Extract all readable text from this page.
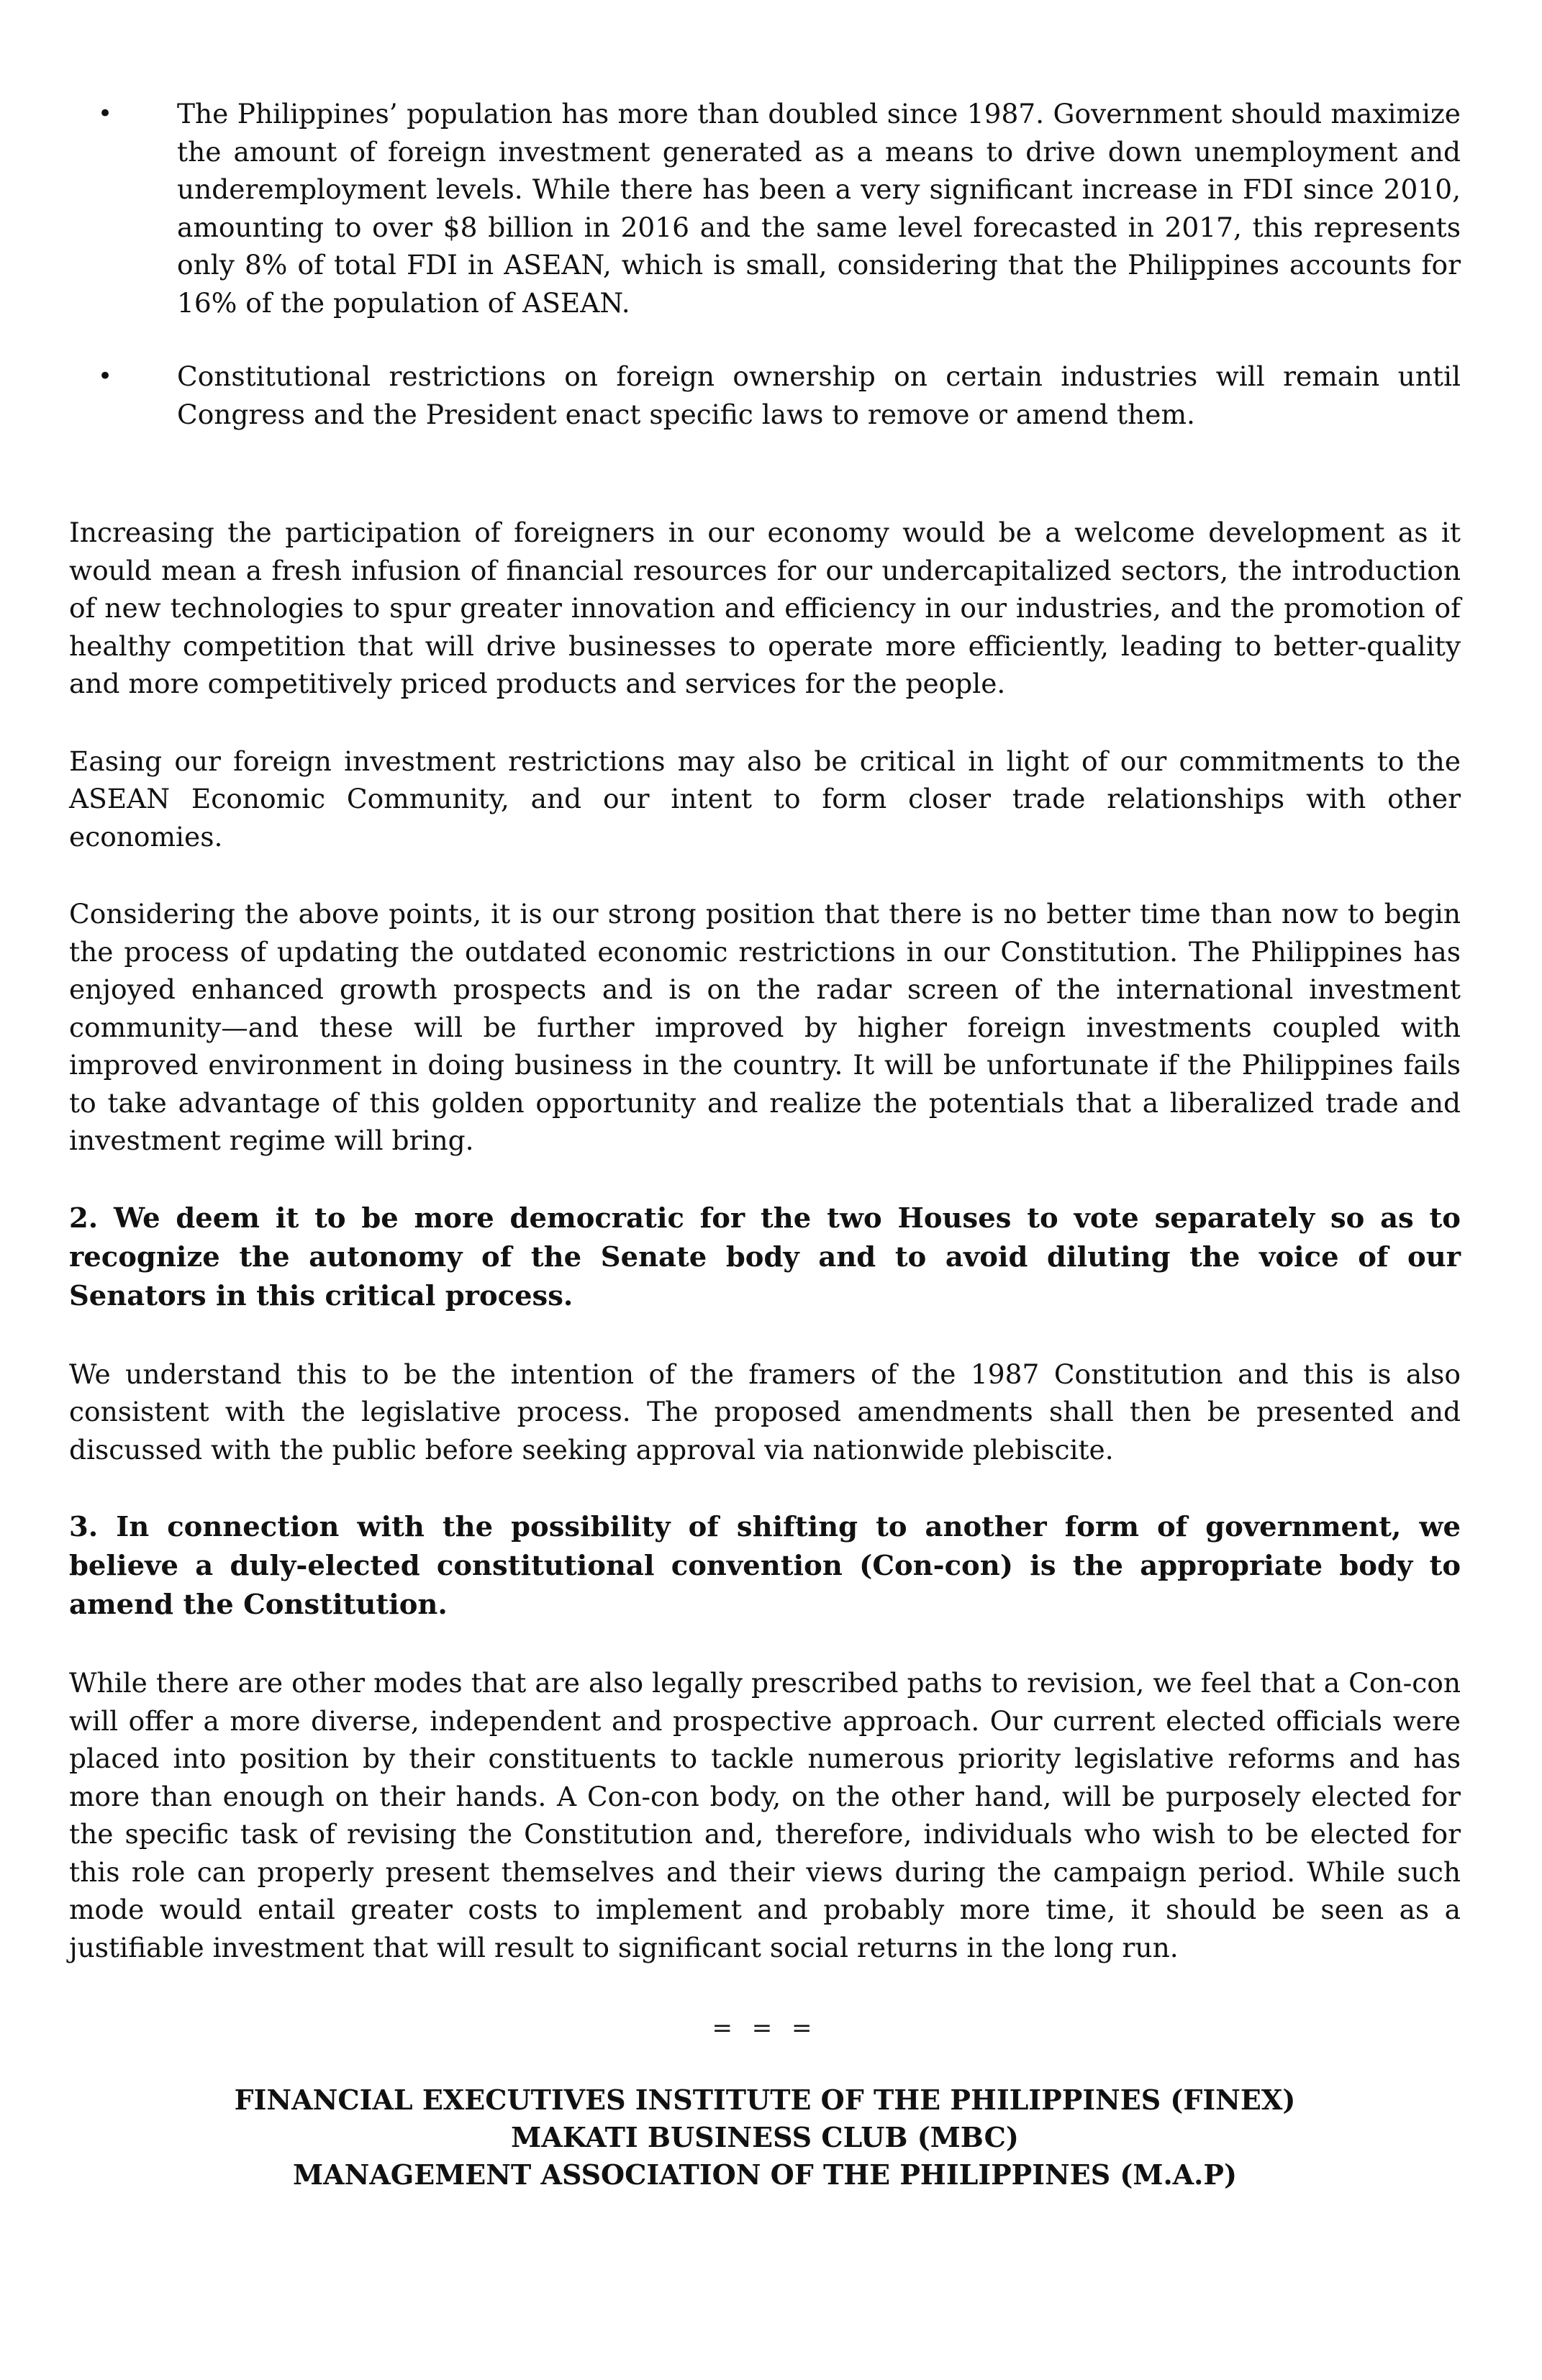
• The Philippines’ population has more than doubled since 1987. Government should maximize the amount of foreign investment generated as a means to drive down unemployment and underemployment levels. While there has been a very significant increase in FDI since 2010, amounting to over $8 billion in 2016 and the same level forecasted in 2017, this represents only 8% of total FDI in ASEAN, which is small, considering that the Philippines accounts for 16% of the population of ASEAN.
• Constitutional restrictions on foreign ownership on certain industries will remain until Congress and the President enact specific laws to remove or amend them.

Increasing the participation of foreigners in our economy would be a welcome development as it would mean a fresh infusion of financial resources for our undercapitalized sectors, the introduction of new technologies to spur greater innovation and efficiency in our industries, and the promotion of healthy competition that will drive businesses to operate more efficiently, leading to better-quality and more competitively priced products and services for the people.

Easing our foreign investment restrictions may also be critical in light of our commitments to the ASEAN Economic Community, and our intent to form closer trade relationships with other economies.

Considering the above points, it is our strong position that there is no better time than now to begin the process of updating the outdated economic restrictions in our Constitution. The Philippines has enjoyed enhanced growth prospects and is on the radar screen of the international investment community—and these will be further improved by higher foreign investments coupled with improved environment in doing business in the country. It will be unfortunate if the Philippines fails to take advantage of this golden opportunity and realize the potentials that a liberalized trade and investment regime will bring.

2. We deem it to be more democratic for the two Houses to vote separately so as to recognize the autonomy of the Senate body and to avoid diluting the voice of our Senators in this critical process.

We understand this to be the intention of the framers of the 1987 Constitution and this is also consistent with the legislative process. The proposed amendments shall then be presented and discussed with the public before seeking approval via nationwide plebiscite.

3. In connection with the possibility of shifting to another form of government, we believe a duly-elected constitutional convention (Con-con) is the appropriate body to amend the Constitution.

While there are other modes that are also legally prescribed paths to revision, we feel that a Con-con will offer a more diverse, independent and prospective approach. Our current elected officials were placed into position by their constituents to tackle numerous priority legislative reforms and has more than enough on their hands. A Con-con body, on the other hand, will be purposely elected for the specific task of revising the Constitution and, therefore, individuals who wish to be elected for this role can properly present themselves and their views during the campaign period. While such mode would entail greater costs to implement and probably more time, it should be seen as a justifiable investment that will result to significant social returns in the long run.

= = =
FINANCIAL EXECUTIVES INSTITUTE OF THE PHILIPPINES (FINEX)
MAKATI BUSINESS CLUB (MBC)
MANAGEMENT ASSOCIATION OF THE PHILIPPINES (M.A.P)
